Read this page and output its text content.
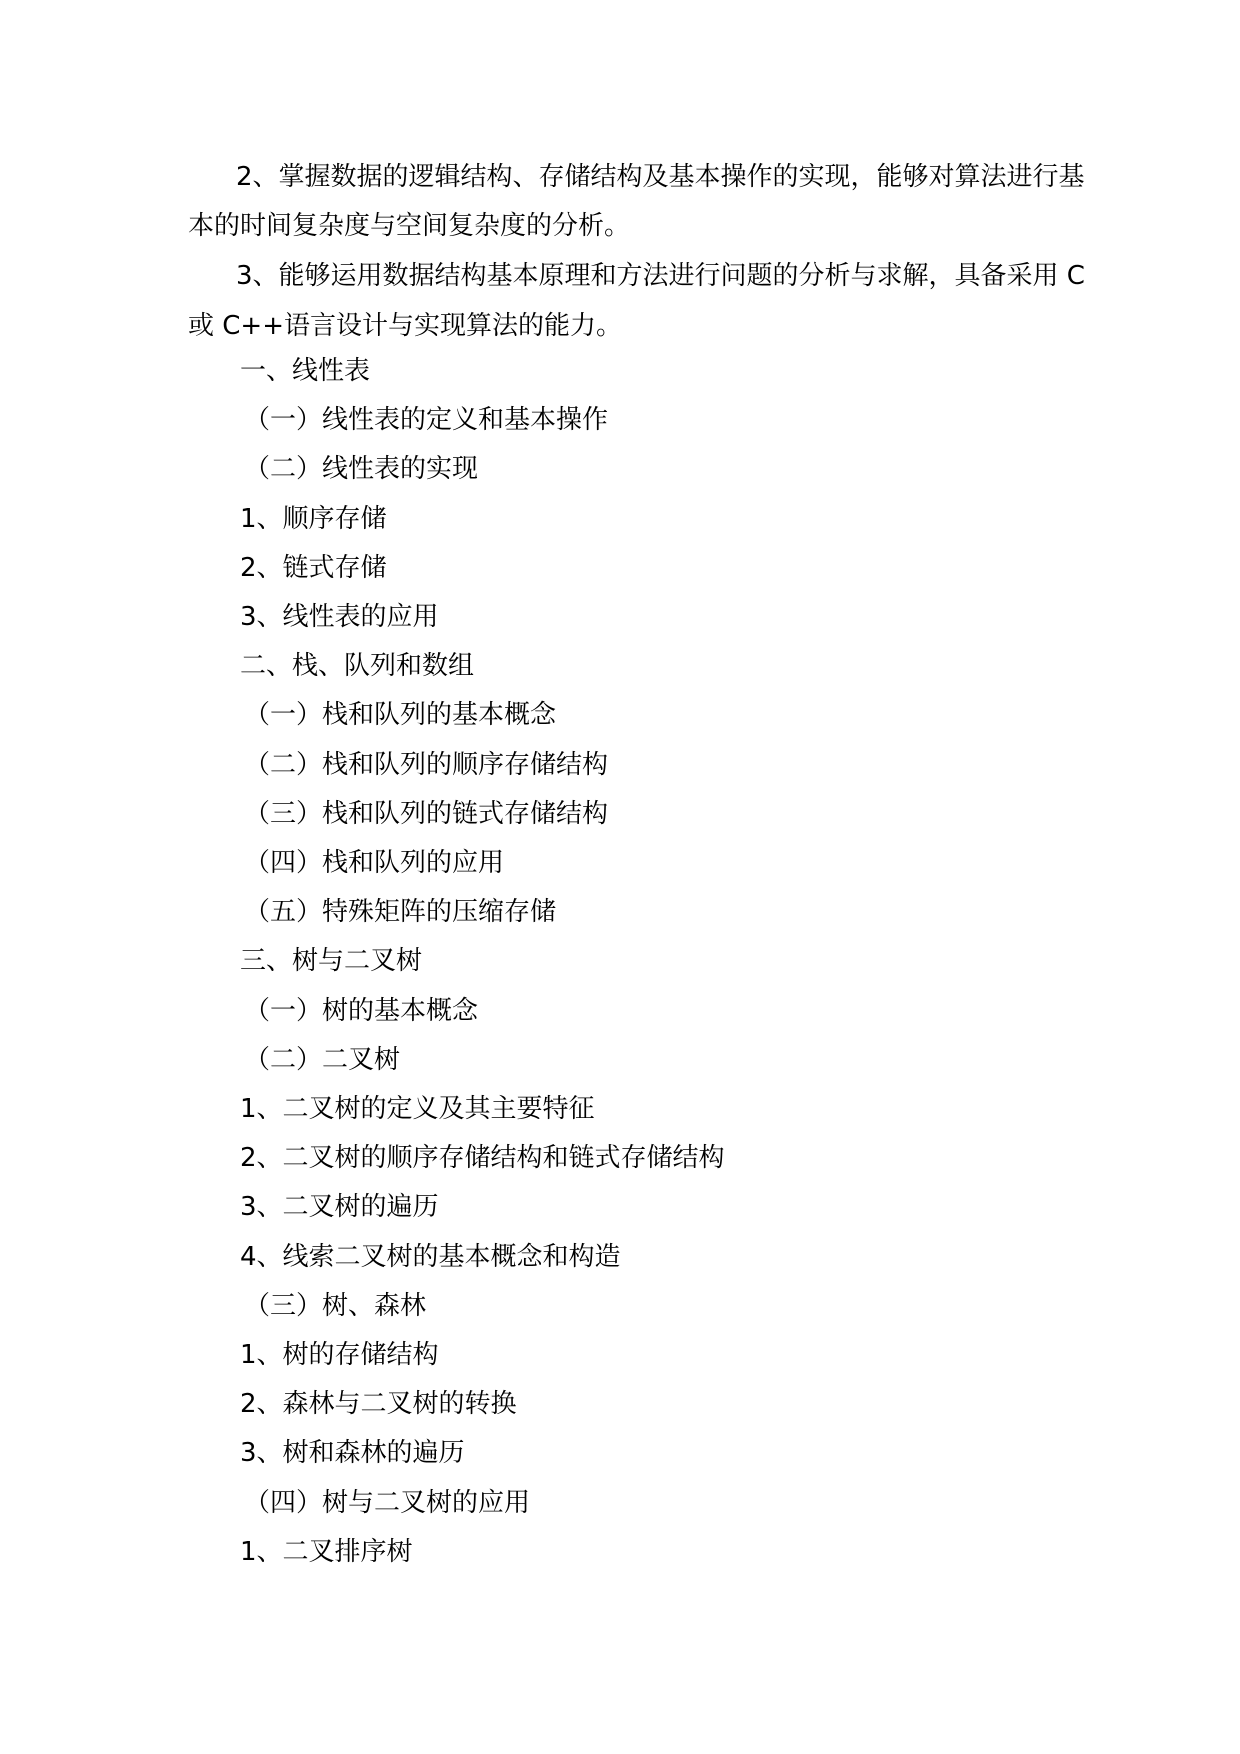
2、掌握数据的逻辑结构、存储结构及基本操作的实现，能够对算法进行基
本的时间复杂度与空间复杂度的分析。
3、能够运用数据结构基本原理和方法进行问题的分析与求解，具备采用 C
或 C++语言设计与实现算法的能力。
一、线性表
（一）线性表的定义和基本操作
（二）线性表的实现
1、顺序存储
2、链式存储
3、线性表的应用
二、栈、队列和数组
（一）栈和队列的基本概念
（二）栈和队列的顺序存储结构
（三）栈和队列的链式存储结构
（四）栈和队列的应用
（五）特殊矩阵的压缩存储
三、树与二叉树
（一）树的基本概念
（二）二叉树
1、二叉树的定义及其主要特征
2、二叉树的顺序存储结构和链式存储结构
3、二叉树的遍历
4、线索二叉树的基本概念和构造
（三）树、森林
1、树的存储结构
2、森林与二叉树的转换
3、树和森林的遍历
（四）树与二叉树的应用
1、二叉排序树
